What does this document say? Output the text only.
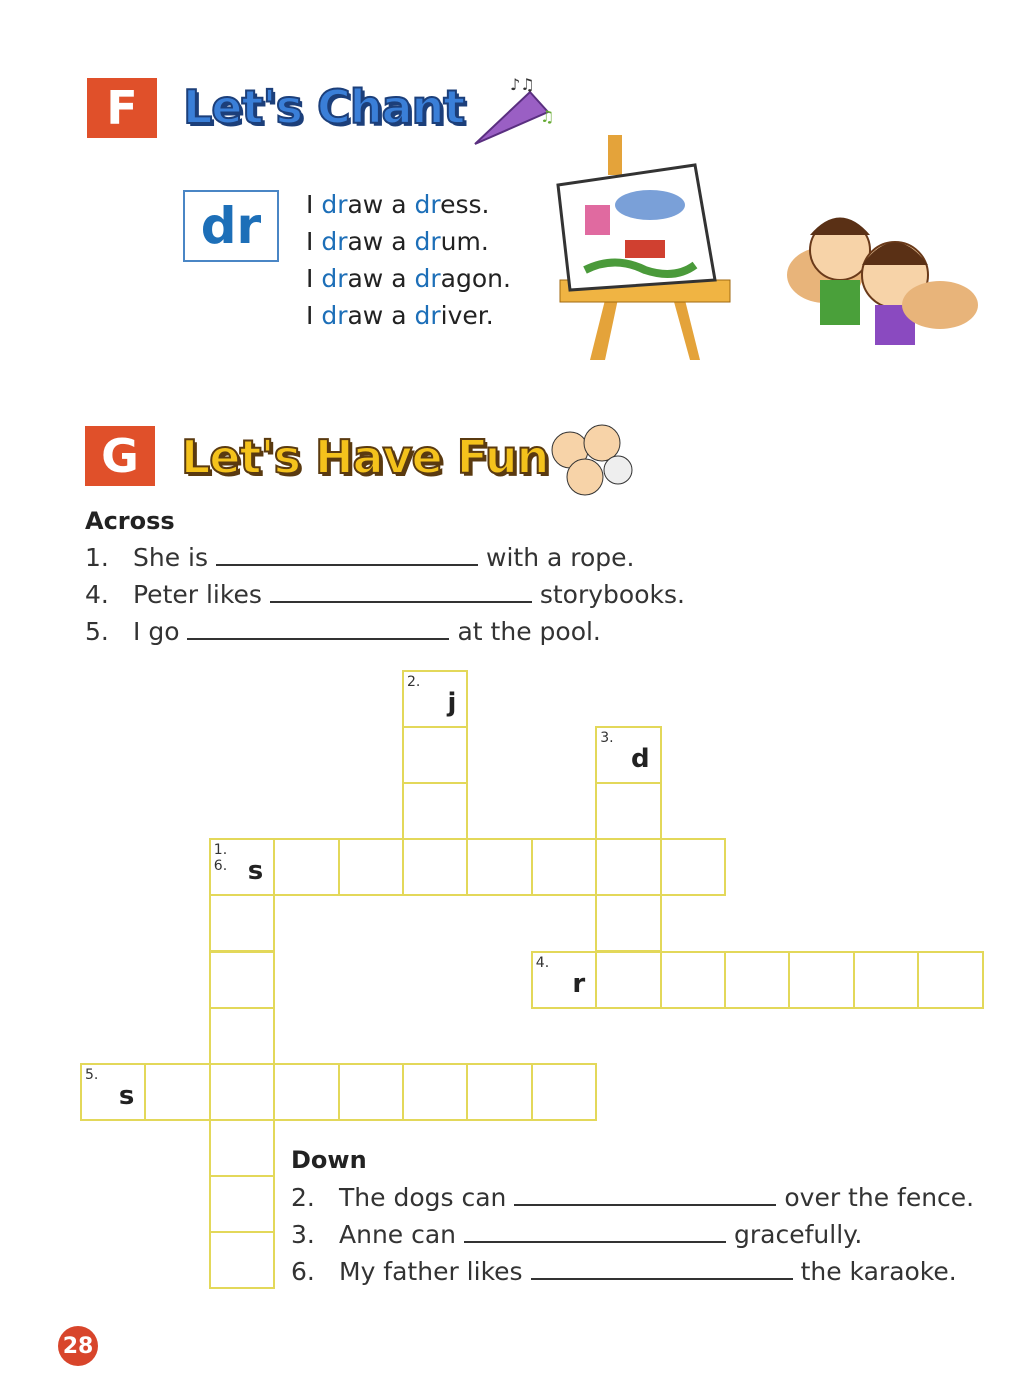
F Let's Chant	♪♫
♫
dr	I draw a dress.
I draw a drum.
I draw a dragon.
I draw a driver.
G Let's Have Fun
Across
1. She is	with a rope.
4. Peter likes	storybooks.
5. I go	at the pool.
2.
j
3.
d
1.
6. s
4.
r
5.
s
Down
2. The dogs can	over the fence.
3. Anne can	gracefully.
6. My father likes	the karaoke.
28
